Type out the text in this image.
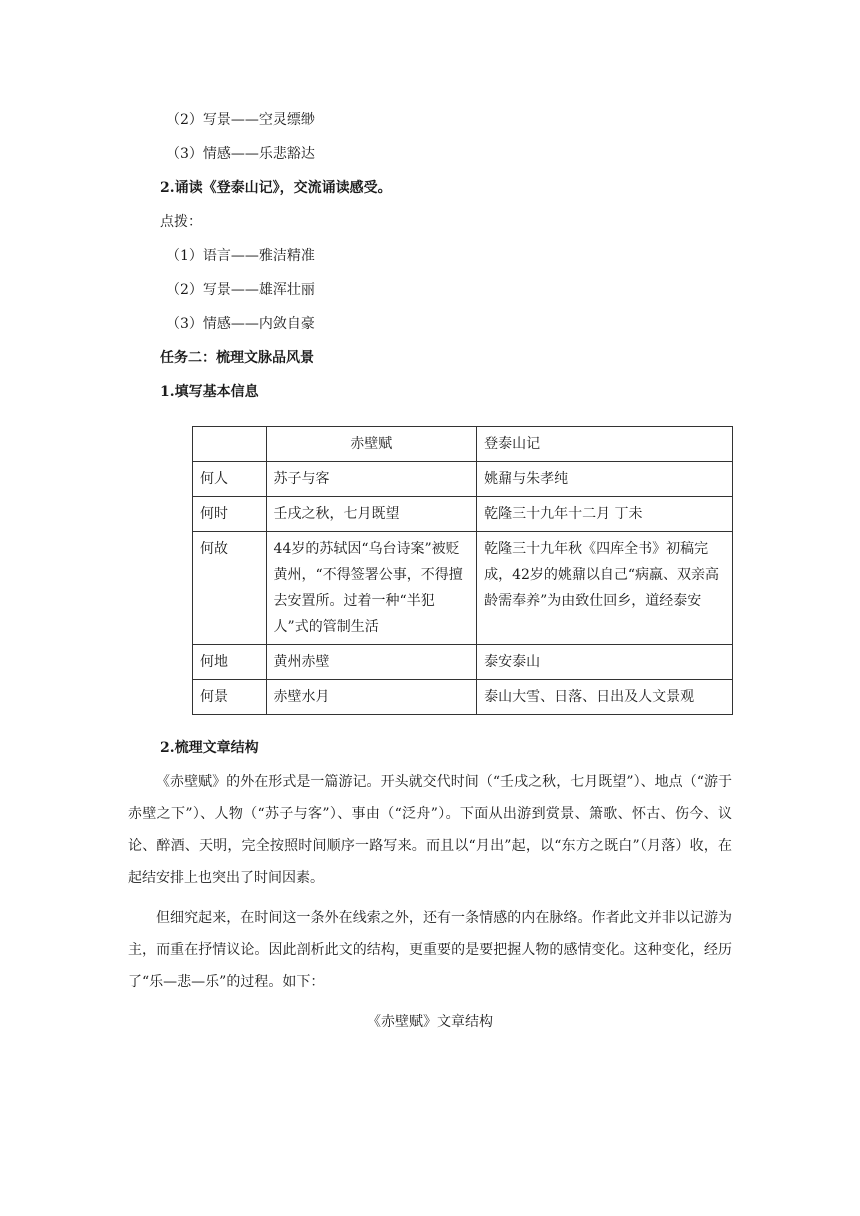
（2）写景——空灵缥缈
（3）情感——乐悲豁达
2.诵读《登泰山记》，交流诵读感受。
点拨：
（1）语言——雅洁精准
（2）写景——雄浑壮丽
（3）情感——内敛自豪
任务二：梳理文脉品风景
1.填写基本信息
	赤壁赋	登泰山记
何人	苏子与客	姚鼐与朱孝纯
何时	壬戌之秋，七月既望	乾隆三十九年十二月 丁未
何故	44岁的苏轼因“乌台诗案”被贬黄州，“不得签署公事，不得擅去安置所。过着一种“半犯人”式的管制生活	乾隆三十九年秋《四库全书》初稿完成，42岁的姚鼐以自己“病羸、双亲高龄需奉养”为由致仕回乡，道经泰安
何地	黄州赤壁	泰安泰山
何景	赤壁水月	泰山大雪、日落、日出及人文景观
2.梳理文章结构
《赤壁赋》的外在形式是一篇游记。开头就交代时间（“壬戌之秋，七月既望”）、地点（“游于赤壁之下”）、人物（“苏子与客”）、事由（“泛舟”）。下面从出游到赏景、箫歌、怀古、伤今、议论、醉酒、天明，完全按照时间顺序一路写来。而且以“月出”起，以“东方之既白”（月落）收，在起结安排上也突出了时间因素。
但细究起来，在时间这一条外在线索之外，还有一条情感的内在脉络。作者此文并非以记游为主，而重在抒情议论。因此剖析此文的结构，更重要的是要把握人物的感情变化。这种变化，经历了“乐—悲—乐”的过程。如下：
《赤壁赋》文章结构
